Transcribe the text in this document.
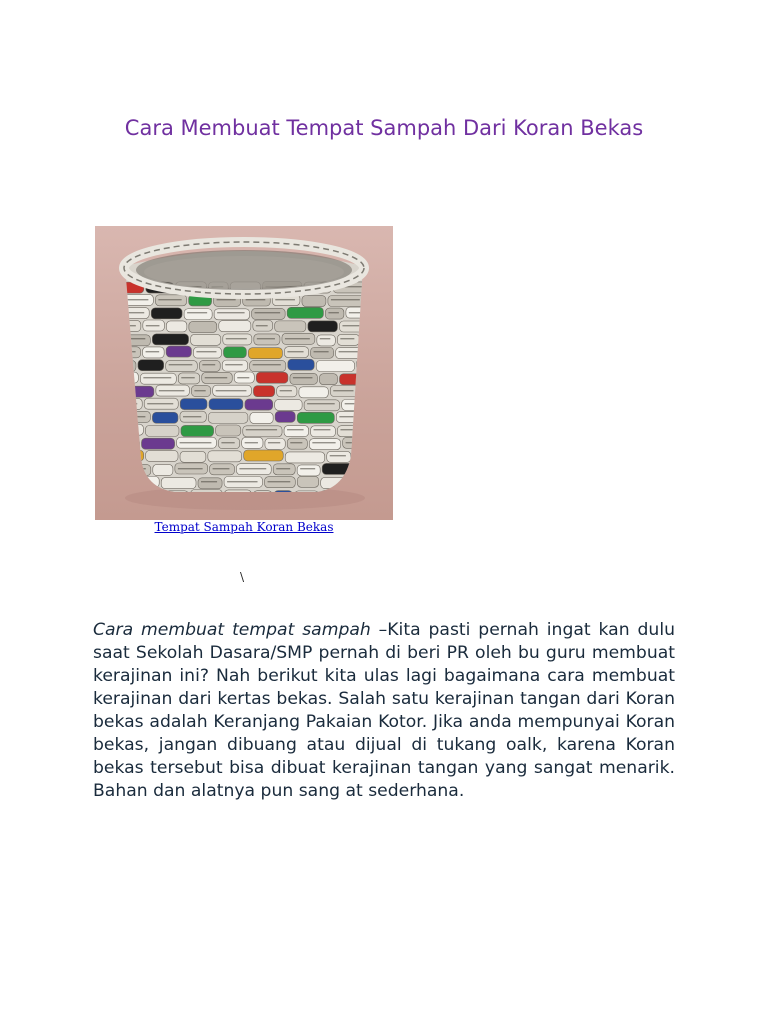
Cara Membuat Tempat Sampah Dari Koran Bekas
Tempat Sampah Koran Bekas
\

Cara membuat tempat sampah –Kita pasti pernah ingat kan dulu saat Sekolah Dasara/SMP pernah di beri PR oleh bu guru membuat kerajinan ini? Nah berikut kita ulas lagi bagaimana cara membuat kerajinan dari kertas bekas. Salah satu kerajinan tangan dari Koran bekas adalah Keranjang Pakaian Kotor. Jika anda mempunyai Koran bekas, jangan dibuang atau dijual di tukang oalk, karena Koran bekas tersebut bisa dibuat kerajinan tangan yang sangat menarik. Bahan dan alatnya pun sang at sederhana.
